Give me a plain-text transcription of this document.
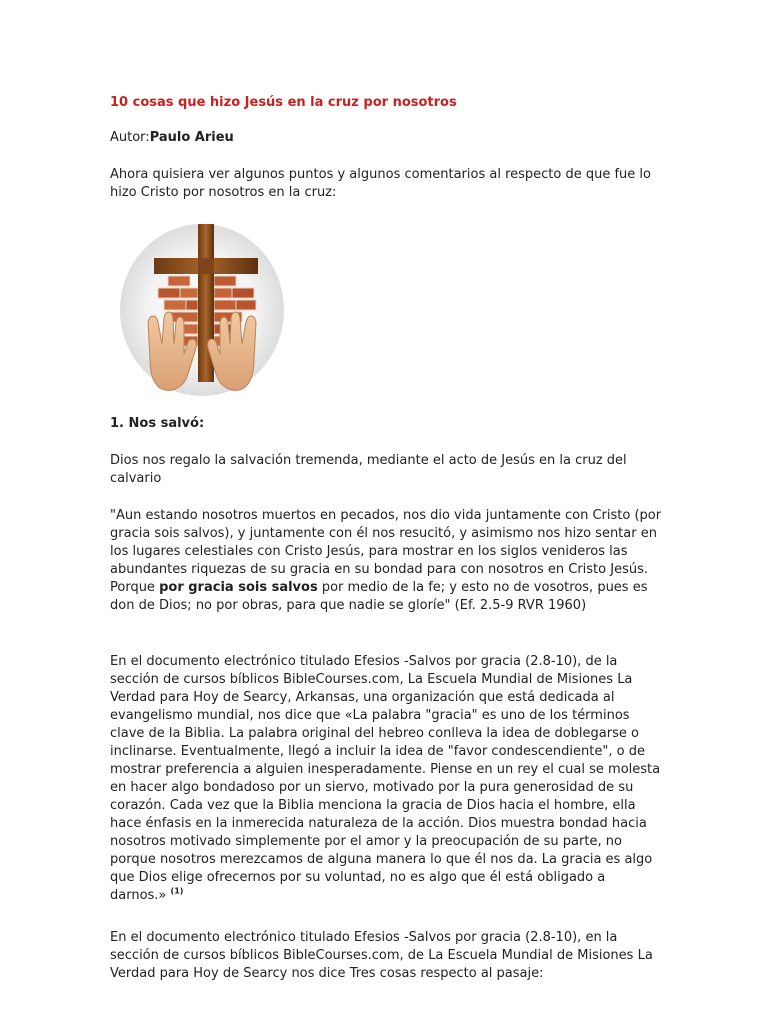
10 cosas que hizo Jesús en la cruz por nosotros

Autor:Paulo Arieu

Ahora quisiera ver algunos puntos y algunos comentarios al respecto de que fue lo hizo Cristo por nosotros en la cruz:

1. Nos salvó:

Dios nos regalo la salvación tremenda, mediante el acto de Jesús en la cruz del calvario

"Aun estando nosotros muertos en pecados, nos dio vida juntamente con Cristo (por gracia sois salvos), y juntamente con él nos resucitó, y asimismo nos hizo sentar en los lugares celestiales con Cristo Jesús, para mostrar en los siglos venideros las abundantes riquezas de su gracia en su bondad para con nosotros en Cristo Jesús. Porque por gracia sois salvos por medio de la fe; y esto no de vosotros, pues es don de Dios; no por obras, para que nadie se gloríe" (Ef. 2.5-9 RVR 1960)

En el documento electrónico titulado Efesios -Salvos por gracia (2.8-10), de la sección de cursos bíblicos BibleCourses.com, La Escuela Mundial de Misiones La Verdad para Hoy de Searcy, Arkansas, una organización que está dedicada al evangelismo mundial, nos dice que «La palabra "gracia" es uno de los términos clave de la Biblia. La palabra original del hebreo conlleva la idea de doblegarse o inclinarse. Eventualmente, llegó a incluir la idea de "favor condescendiente", o de mostrar preferencia a alguien inesperadamente. Piense en un rey el cual se molesta en hacer algo bondadoso por un siervo, motivado por la pura generosidad de su corazón. Cada vez que la Biblia menciona la gracia de Dios hacia el hombre, ella hace énfasis en la inmerecida naturaleza de la acción. Dios muestra bondad hacia nosotros motivado simplemente por el amor y la preocupación de su parte, no porque nosotros merezcamos de alguna manera lo que él nos da. La gracia es algo que Dios elige ofrecernos por su voluntad, no es algo que él está obligado a darnos.» $^{(1)}$

En el documento electrónico titulado Efesios -Salvos por gracia (2.8-10), en la sección de cursos bíblicos BibleCourses.com, de La Escuela Mundial de Misiones La Verdad para Hoy de Searcy nos dice Tres cosas respecto al pasaje:
